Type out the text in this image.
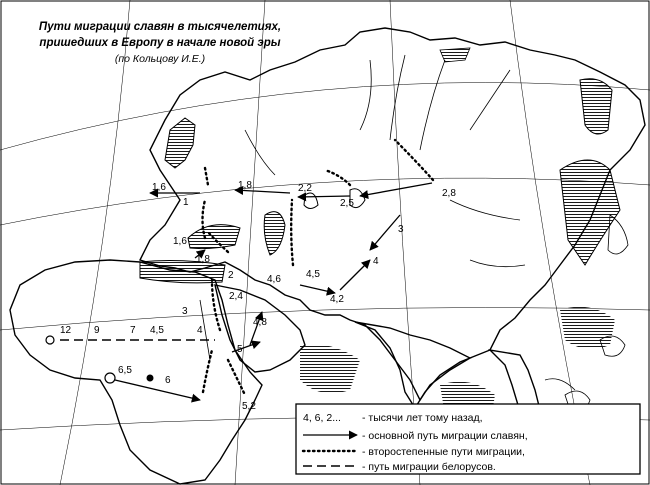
Пути миграции славян в тысячелетиях,
пришедших в Европу в начале новой эры
(по Кольцову И.Е.)
1,6
1
1,8	2,2
2,5
2,8
3
1,6
1,8
2
2,4
3
4,6	4,5
4
4,2
4,8
5
12 9	7 4,5	4
6,5
6
5,2
4, 6, 2... - тысячи лет тому назад,
- основной путь миграции славян,
- второстепенные пути миграции,
- путь миграции белорусов.
